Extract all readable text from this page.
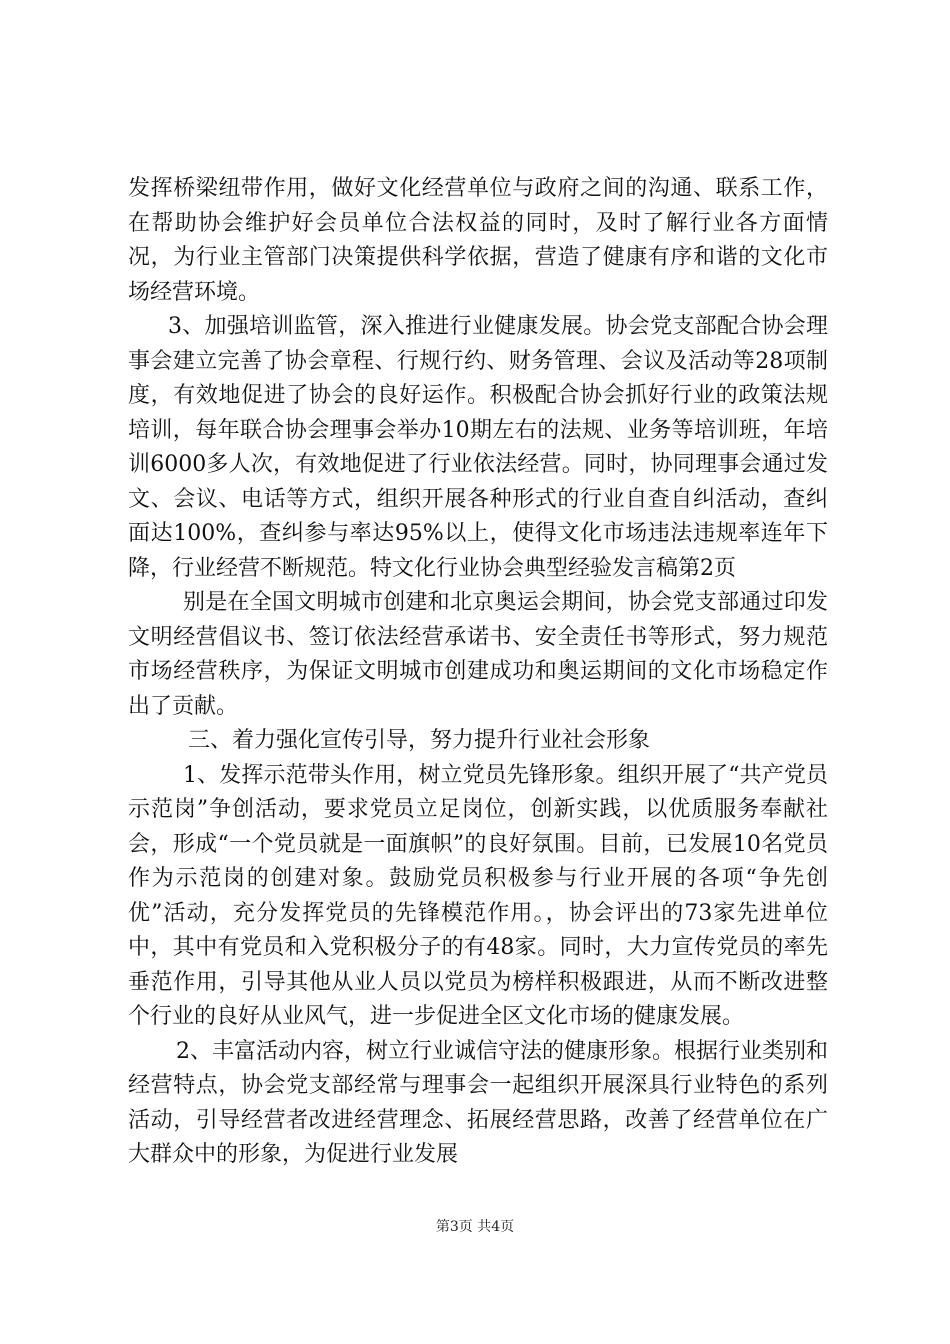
发挥桥梁纽带作用，做好文化经营单位与政府之间的沟通、联系工作，在帮助协会维护好会员单位合法权益的同时，及时了解行业各方面情况，为行业主管部门决策提供科学依据，营造了健康有序和谐的文化市场经营环境。

3、加强培训监管，深入推进行业健康发展。协会党支部配合协会理事会建立完善了协会章程、行规行约、财务管理、会议及活动等28项制度，有效地促进了协会的良好运作。积极配合协会抓好行业的政策法规培训，每年联合协会理事会举办10期左右的法规、业务等培训班，年培训6000多人次，有效地促进了行业依法经营。同时，协同理事会通过发文、会议、电话等方式，组织开展各种形式的行业自查自纠活动，查纠面达100%，查纠参与率达95%以上，使得文化市场违法违规率连年下降，行业经营不断规范。特文化行业协会典型经验发言稿第2页

别是在全国文明城市创建和北京奥运会期间，协会党支部通过印发文明经营倡议书、签订依法经营承诺书、安全责任书等形式，努力规范市场经营秩序，为保证文明城市创建成功和奥运期间的文化市场稳定作出了贡献。

三、着力强化宣传引导，努力提升行业社会形象

1、发挥示范带头作用，树立党员先锋形象。组织开展了“共产党员示范岗”争创活动，要求党员立足岗位，创新实践，以优质服务奉献社会，形成“一个党员就是一面旗帜”的良好氛围。目前，已发展10名党员作为示范岗的创建对象。鼓励党员积极参与行业开展的各项“争先创优”活动，充分发挥党员的先锋模范作用。，协会评出的73家先进单位中，其中有党员和入党积极分子的有48家。同时，大力宣传党员的率先垂范作用，引导其他从业人员以党员为榜样积极跟进，从而不断改进整个行业的良好从业风气，进一步促进全区文化市场的健康发展。

2、丰富活动内容，树立行业诚信守法的健康形象。根据行业类别和经营特点，协会党支部经常与理事会一起组织开展深具行业特色的系列活动，引导经营者改进经营理念、拓展经营思路，改善了经营单位在广大群众中的形象，为促进行业发展

第3页 共4页
